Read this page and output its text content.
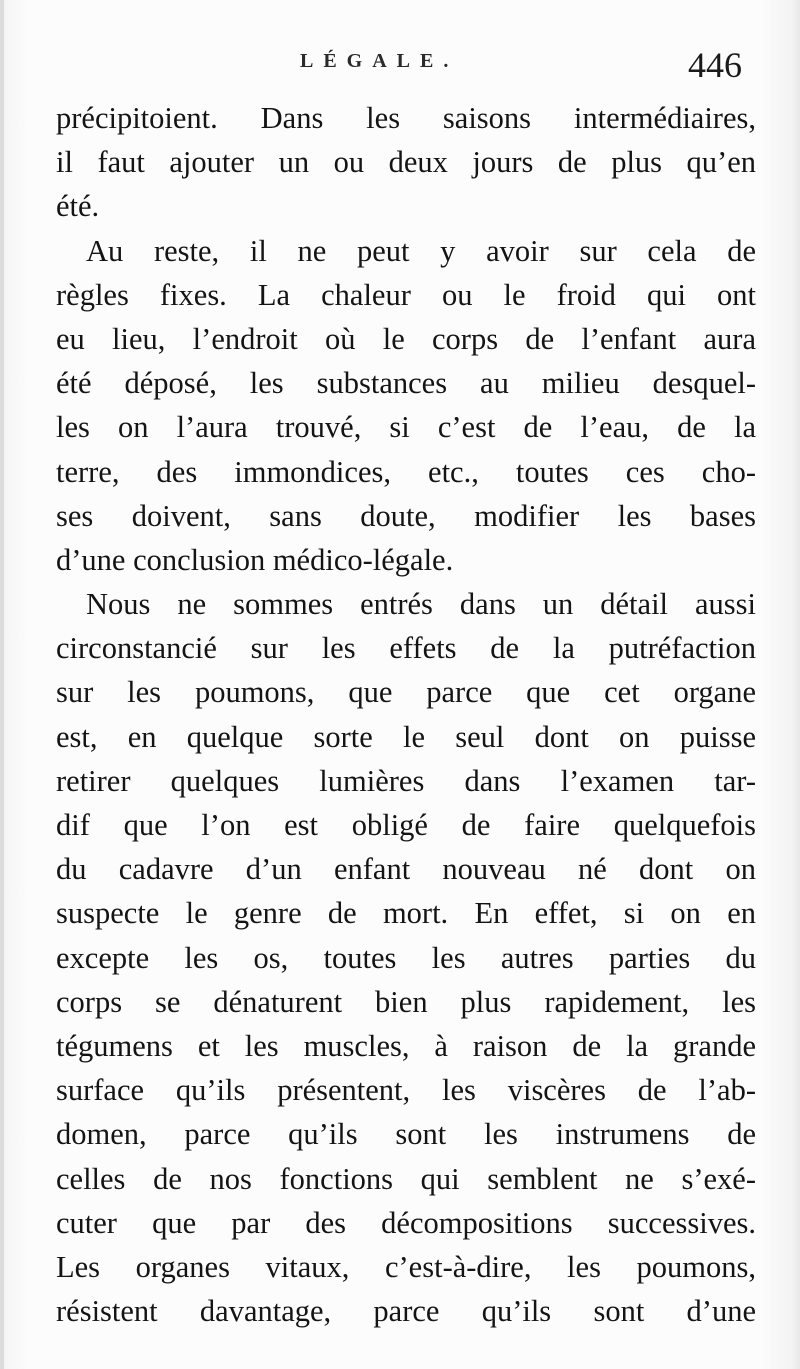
LÉGALE.	446
précipitoient. Dans les saisons intermédiaires,
il faut ajouter un ou deux jours de plus qu’en
été.
Au reste, il ne peut y avoir sur cela de
règles fixes. La chaleur ou le froid qui ont
eu lieu, l’endroit où le corps de l’enfant aura
été déposé, les substances au milieu desquel-
les on l’aura trouvé, si c’est de l’eau, de la
terre, des immondices, etc., toutes ces cho-
ses doivent, sans doute, modifier les bases
d’une conclusion médico-légale.
Nous ne sommes entrés dans un détail aussi
circonstancié sur les effets de la putréfaction
sur les poumons, que parce que cet organe
est, en quelque sorte le seul dont on puisse
retirer quelques lumières dans l’examen tar-
dif que l’on est obligé de faire quelquefois
du cadavre d’un enfant nouveau né dont on
suspecte le genre de mort. En effet, si on en
excepte les os, toutes les autres parties du
corps se dénaturent bien plus rapidement, les
tégumens et les muscles, à raison de la grande
surface qu’ils présentent, les viscères de l’ab-
domen, parce qu’ils sont les instrumens de
celles de nos fonctions qui semblent ne s’exé-
cuter que par des décompositions successives.
Les organes vitaux, c’est-à-dire, les poumons,
résistent davantage, parce qu’ils sont d’une
